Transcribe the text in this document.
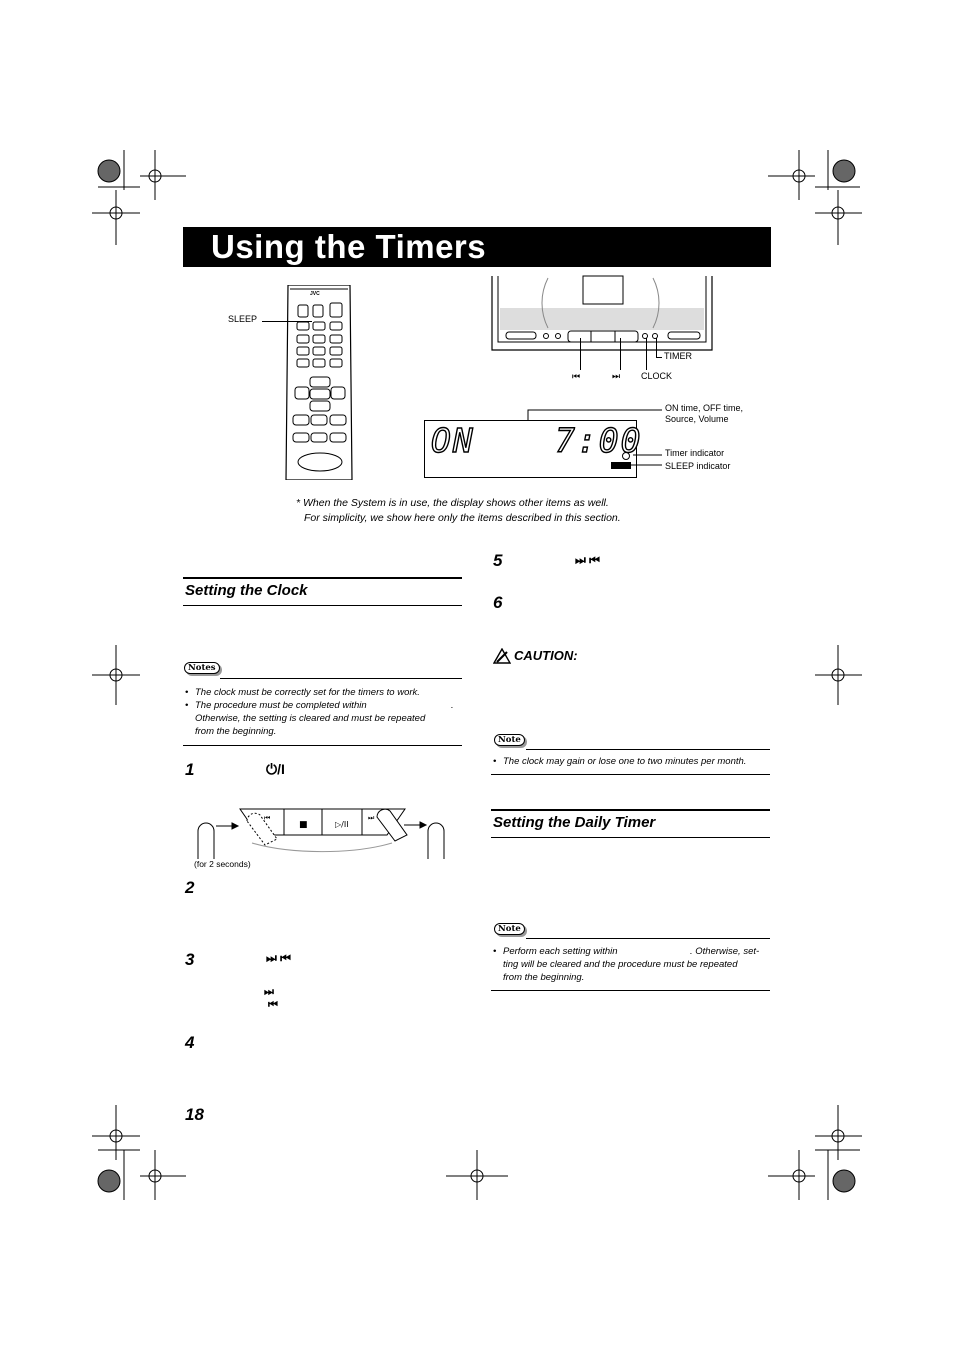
Using the Timers
JVC
SLEEP
TIMER
⏮	⏭ CLOCK
ON 7:00
ON time, OFF time,
Source, Volume
Timer indicator
SLEEP indicator
* When the System is in use, the display shows other items as well.
For simplicity, we show here only the items described in this section.
Setting the Clock
Notes
• The clock must be correctly set for the timers to work.
• The procedure must be completed within	.
Otherwise, the setting is cleared and must be repeated
from the beginning.
1	⏻/I
⏮
■	▷/II
⏭
(for 2 seconds)
2
3	⏭ ⏮
⏭
⏮
4
18
5	⏭ ⏮
6
CAUTION:
Note
• The clock may gain or lose one to two minutes per month.
Setting the Daily Timer
Note
• Perform each setting within	. Otherwise, set-
ting will be cleared and the procedure must be repeated
from the beginning.
